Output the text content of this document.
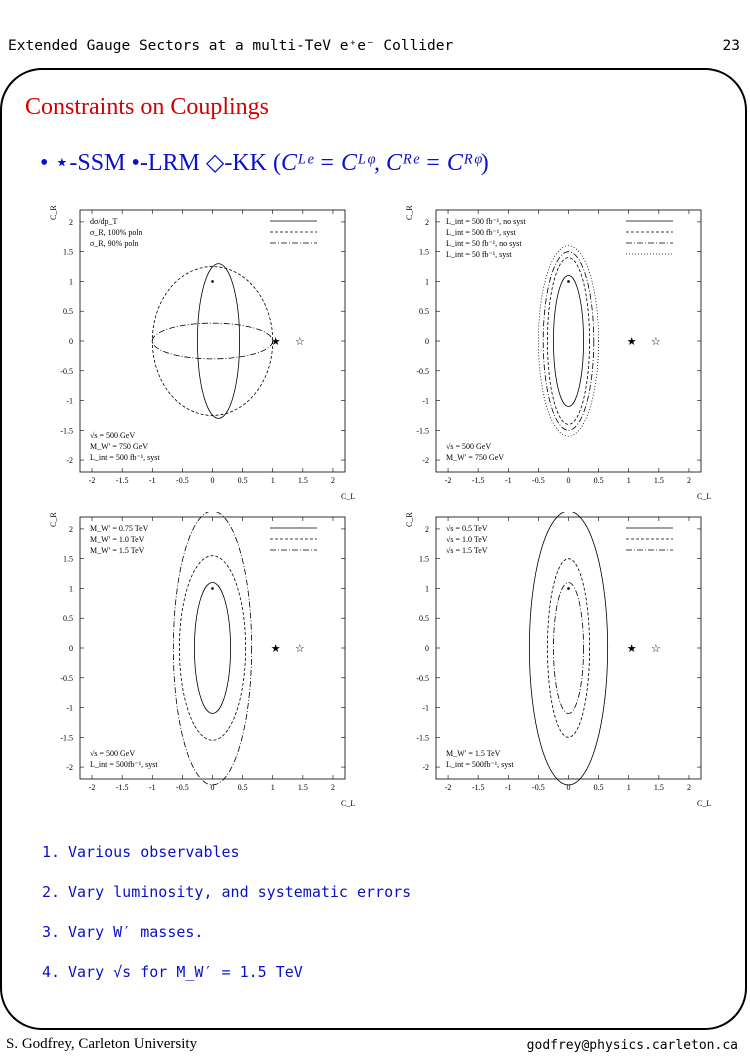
Extended Gauge Sectors at a multi-TeV e⁺e⁻ Collider	23
Constraints on Couplings
• ⋆-SSM •-LRM ◇-KK (Cᴸᵉ = Cᴸᵠ, Cᴿᵉ = Cᴿᵠ)
-2	-1.5	-1	-0.5	0	0.5	1	1.5	2
2
1.5
1
0.5
0
-0.5
-1
-1.5
-2
C_L
C_R
★ ☆
dσ/dp_T
σ_R, 100% poln
σ_R, 90% poln
√s = 500 GeV
M_W′ = 750 GeV
L_int = 500 fb⁻¹, syst
-2	-1.5	-1	-0.5	0	0.5	1	1.5	2
2
1.5
1
0.5
0
-0.5
-1
-1.5
-2
C_L
C_R
★ ☆
L_int = 500 fb⁻¹, no syst
L_int = 500 fb⁻¹, syst
L_int = 50 fb⁻¹, no syst
L_int = 50 fb⁻¹, syst
√s = 500 GeV
M_W′ = 750 GeV
-2	-1.5	-1	-0.5	0	0.5	1	1.5	2
2
1.5
1
0.5
0
-0.5
-1
-1.5
-2
C_L
C_R
★ ☆
M_W′ = 0.75 TeV
M_W′ = 1.0 TeV
M_W′ = 1.5 TeV
√s = 500 GeV
L_int = 500fb⁻¹, syst
-2	-1.5	-1	-0.5	0	0.5	1	1.5	2
2
1.5
1
0.5
0
-0.5
-1
-1.5
-2
C_L
C_R
★ ☆
√s = 0.5 TeV
√s = 1.0 TeV
√s = 1.5 TeV
M_W′ = 1.5 TeV
L_int = 500fb⁻¹, syst
1. Various observables
2. Vary luminosity, and systematic errors
3. Vary W′ masses.
4. Vary √s for M_W′ = 1.5 TeV
S. Godfrey, Carleton University	godfrey@physics.carleton.ca
